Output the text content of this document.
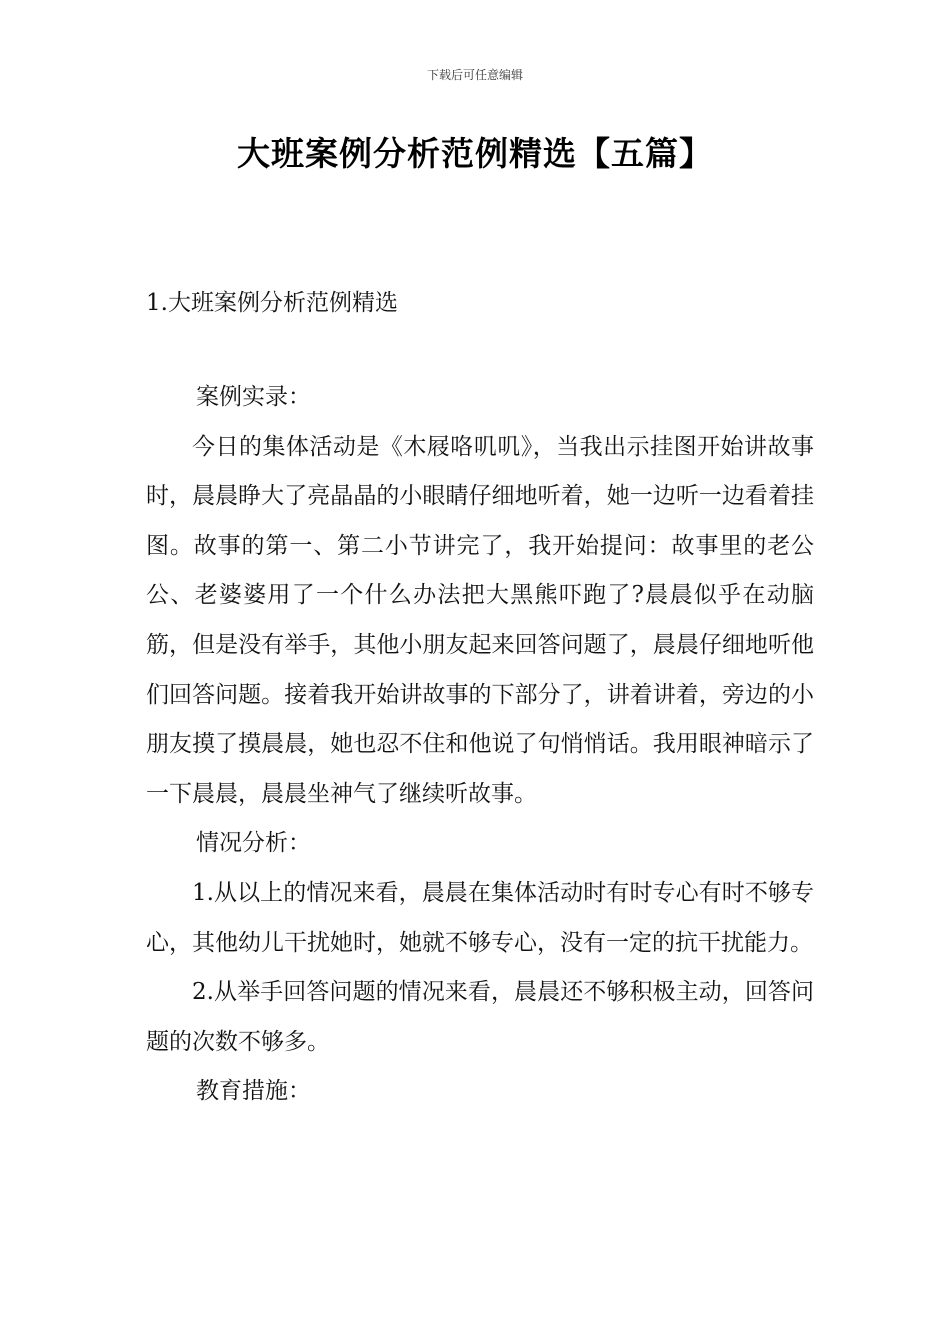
下载后可任意编辑
大班案例分析范例精选【五篇】
1.大班案例分析范例精选

案例实录：

今日的集体活动是《木屐咯叽叽》，当我出示挂图开始讲故事时，晨晨睁大了亮晶晶的小眼睛仔细地听着，她一边听一边看着挂图。故事的第一、第二小节讲完了，我开始提问：故事里的老公公、老婆婆用了一个什么办法把大黑熊吓跑了?晨晨似乎在动脑筋，但是没有举手，其他小朋友起来回答问题了，晨晨仔细地听他们回答问题。接着我开始讲故事的下部分了，讲着讲着，旁边的小朋友摸了摸晨晨，她也忍不住和他说了句悄悄话。我用眼神暗示了一下晨晨，晨晨坐神气了继续听故事。

情况分析：

1.从以上的情况来看，晨晨在集体活动时有时专心有时不够专心，其他幼儿干扰她时，她就不够专心，没有一定的抗干扰能力。

2.从举手回答问题的情况来看，晨晨还不够积极主动，回答问题的次数不够多。

教育措施：
